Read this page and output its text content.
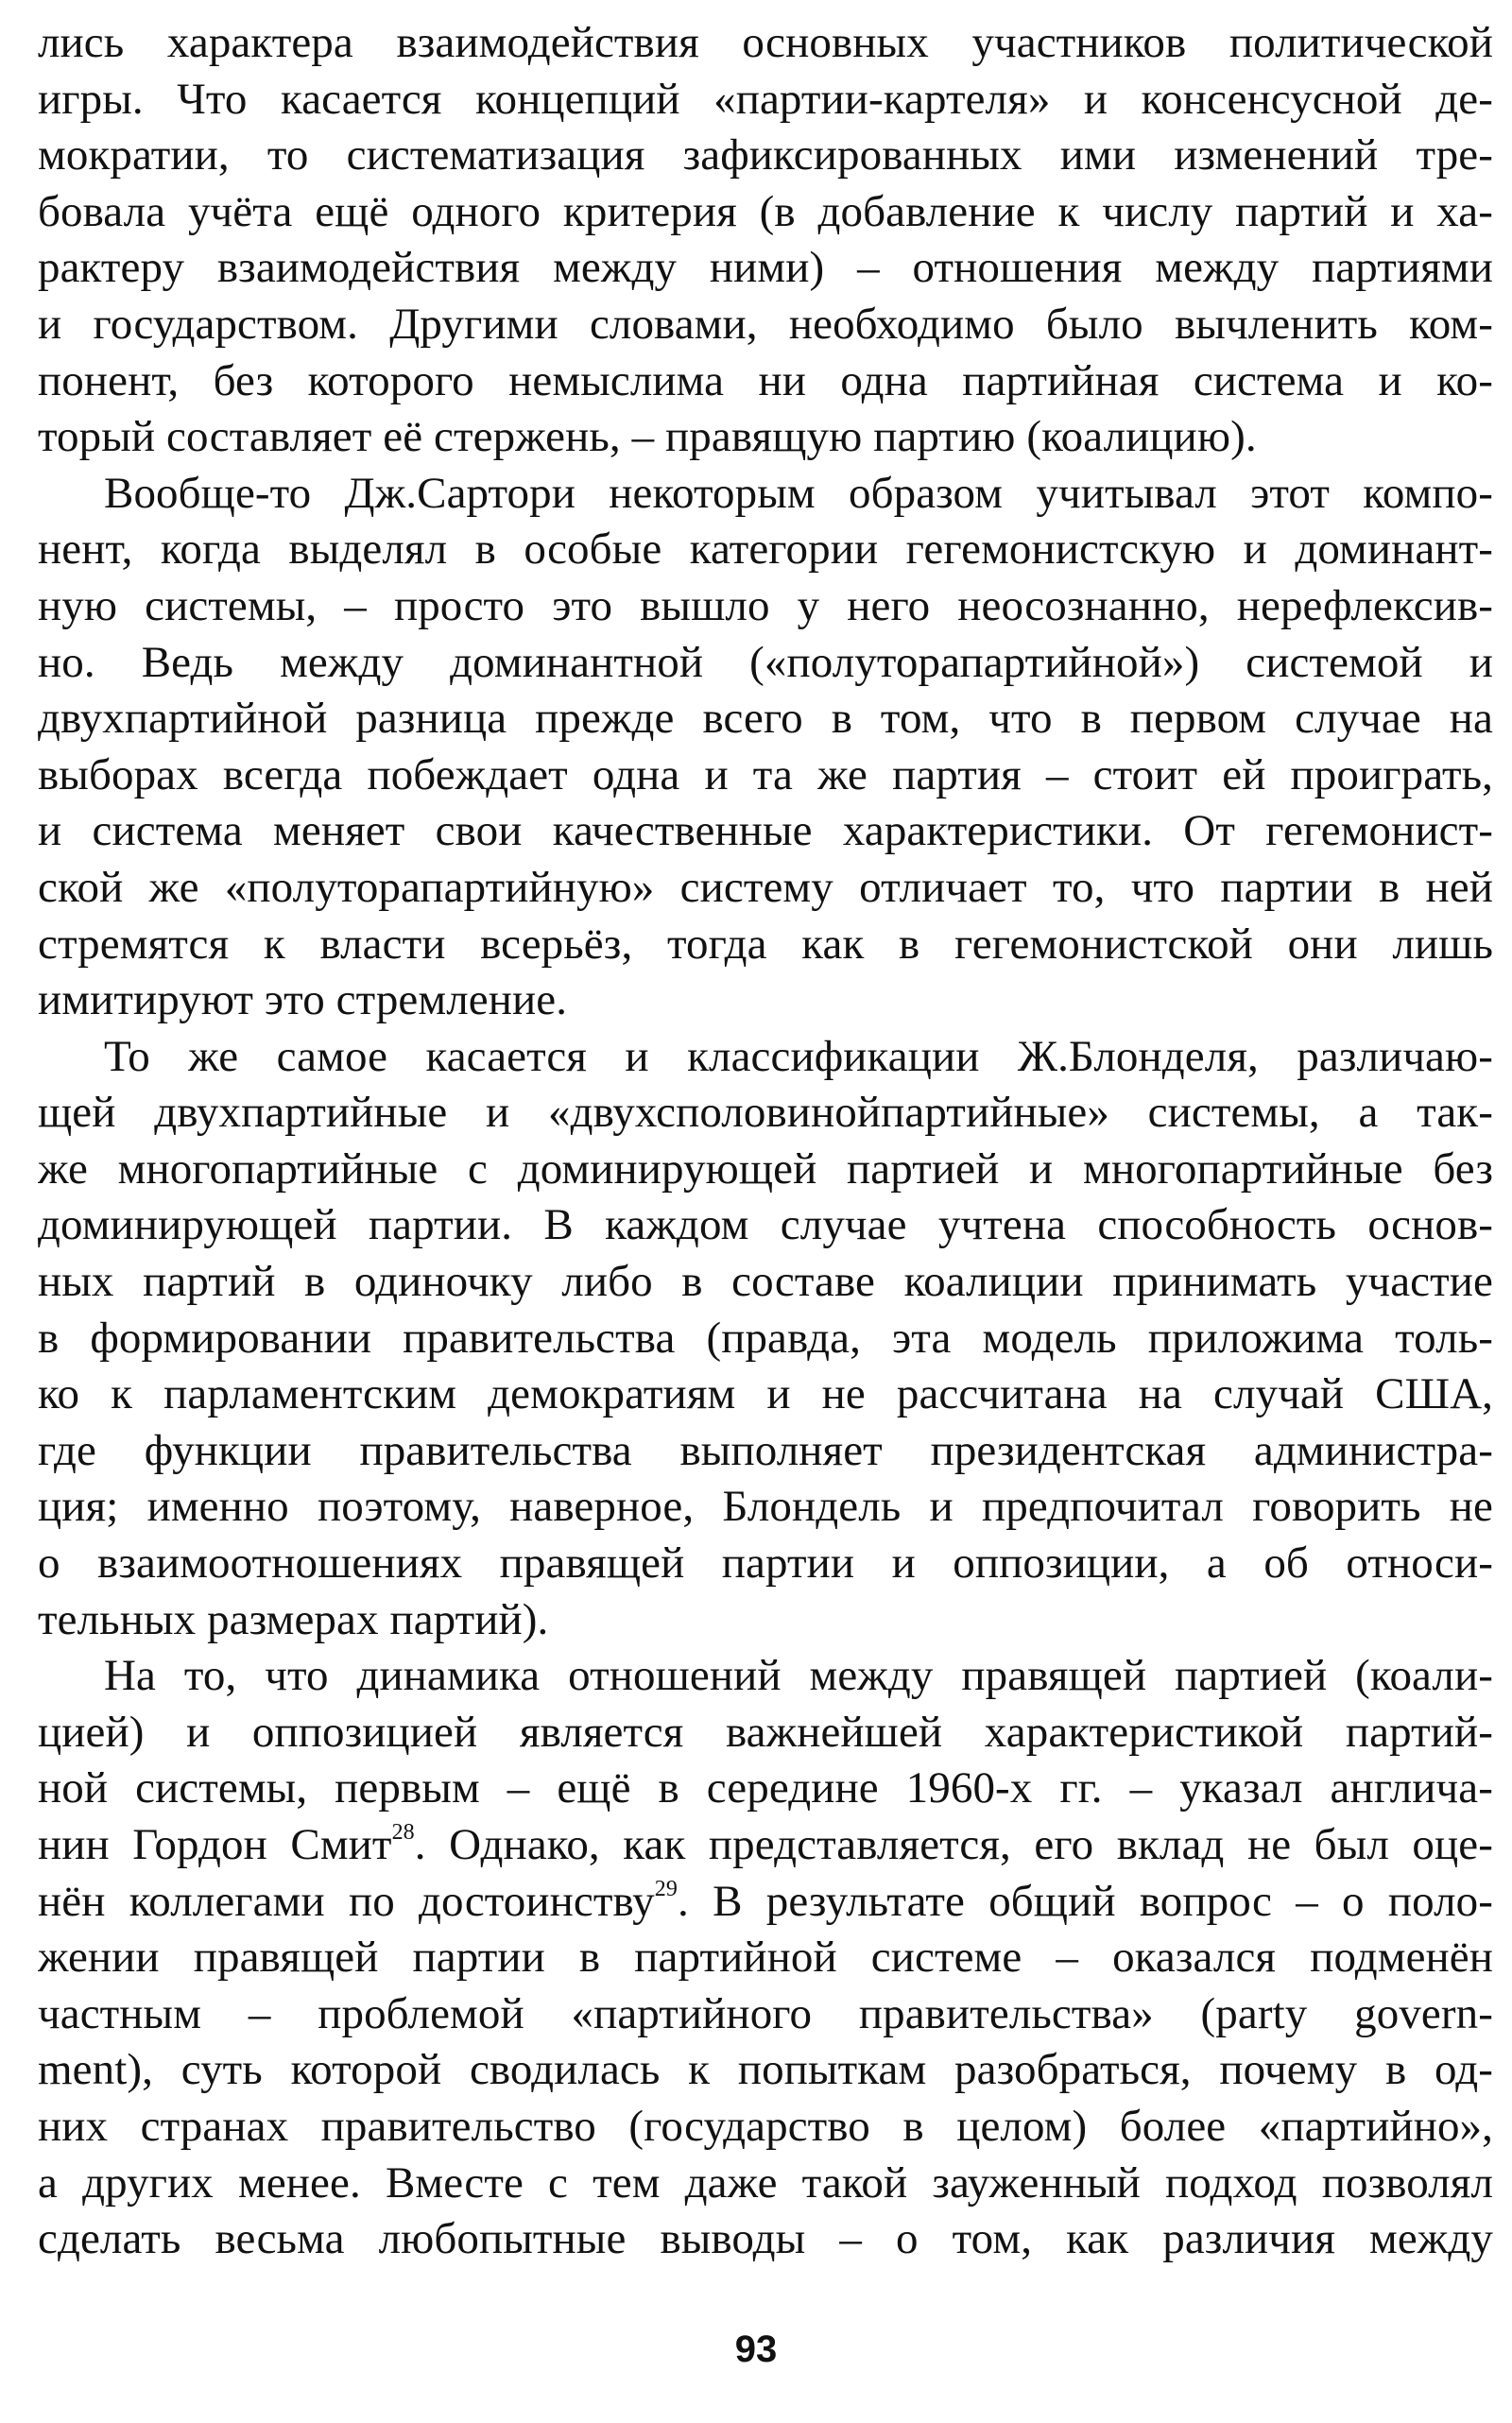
лись характера взаимодействия основных участников политической
игры. Что касается концепций «партии-картеля» и консенсусной де-
мократии, то систематизация зафиксированных ими изменений тре-
бовала учёта ещё одного критерия (в добавление к числу партий и ха-
рактеру взаимодействия между ними) – отношения между партиями
и государством. Другими словами, необходимо было вычленить ком-
понент, без которого немыслима ни одна партийная система и ко-
торый составляет её стержень, – правящую партию (коалицию).
Вообще-то Дж.Сартори некоторым образом учитывал этот компо-
нент, когда выделял в особые категории гегемонистскую и доминант-
ную системы, – просто это вышло у него неосознанно, нерефлексив-
но. Ведь между доминантной («полуторапартийной») системой и
двухпартийной разница прежде всего в том, что в первом случае на
выборах всегда побеждает одна и та же партия – стоит ей проиграть,
и система меняет свои качественные характеристики. От гегемонист-
ской же «полуторапартийную» систему отличает то, что партии в ней
стремятся к власти всерьёз, тогда как в гегемонистской они лишь
имитируют это стремление.
То же самое касается и классификации Ж.Блонделя, различаю-
щей двухпартийные и «двухсполовинойпартийные» системы, а так-
же многопартийные с доминирующей партией и многопартийные без
доминирующей партии. В каждом случае учтена способность основ-
ных партий в одиночку либо в составе коалиции принимать участие
в формировании правительства (правда, эта модель приложима толь-
ко к парламентским демократиям и не рассчитана на случай США,
где функции правительства выполняет президентская администра-
ция; именно поэтому, наверное, Блондель и предпочитал говорить не
о взаимоотношениях правящей партии и оппозиции, а об относи-
тельных размерах партий).
На то, что динамика отношений между правящей партией (коали-
цией) и оппозицией является важнейшей характеристикой партий-
ной системы, первым – ещё в середине 1960-х гг. – указал англича-
нин Гордон Смит$^{28}$. Однако, как представляется, его вклад не был оце-
нён коллегами по достоинству$^{29}$. В результате общий вопрос – о поло-
жении правящей партии в партийной системе – оказался подменён
частным – проблемой «партийного правительства» (party govern-
ment), суть которой сводилась к попыткам разобраться, почему в од-
них странах правительство (государство в целом) более «партийно»,
а других менее. Вместе с тем даже такой зауженный подход позволял
сделать весьма любопытные выводы – о том, как различия между
93
